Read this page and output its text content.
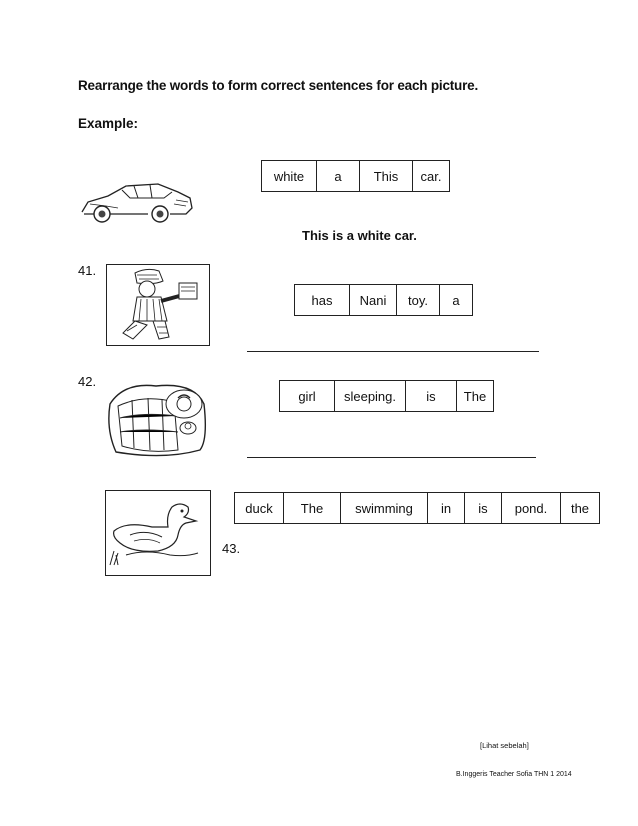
Rearrange the words to form correct sentences for each picture.
Example:
white	a	This	car.
This is a white car.
41.
has	Nani	toy.	a
42.
girl	sleeping.	is	The
duck	The	swimming	in	is	pond.	the
43.
[Lihat sebelah]
B.Inggeris Teacher Sofia THN 1 2014
